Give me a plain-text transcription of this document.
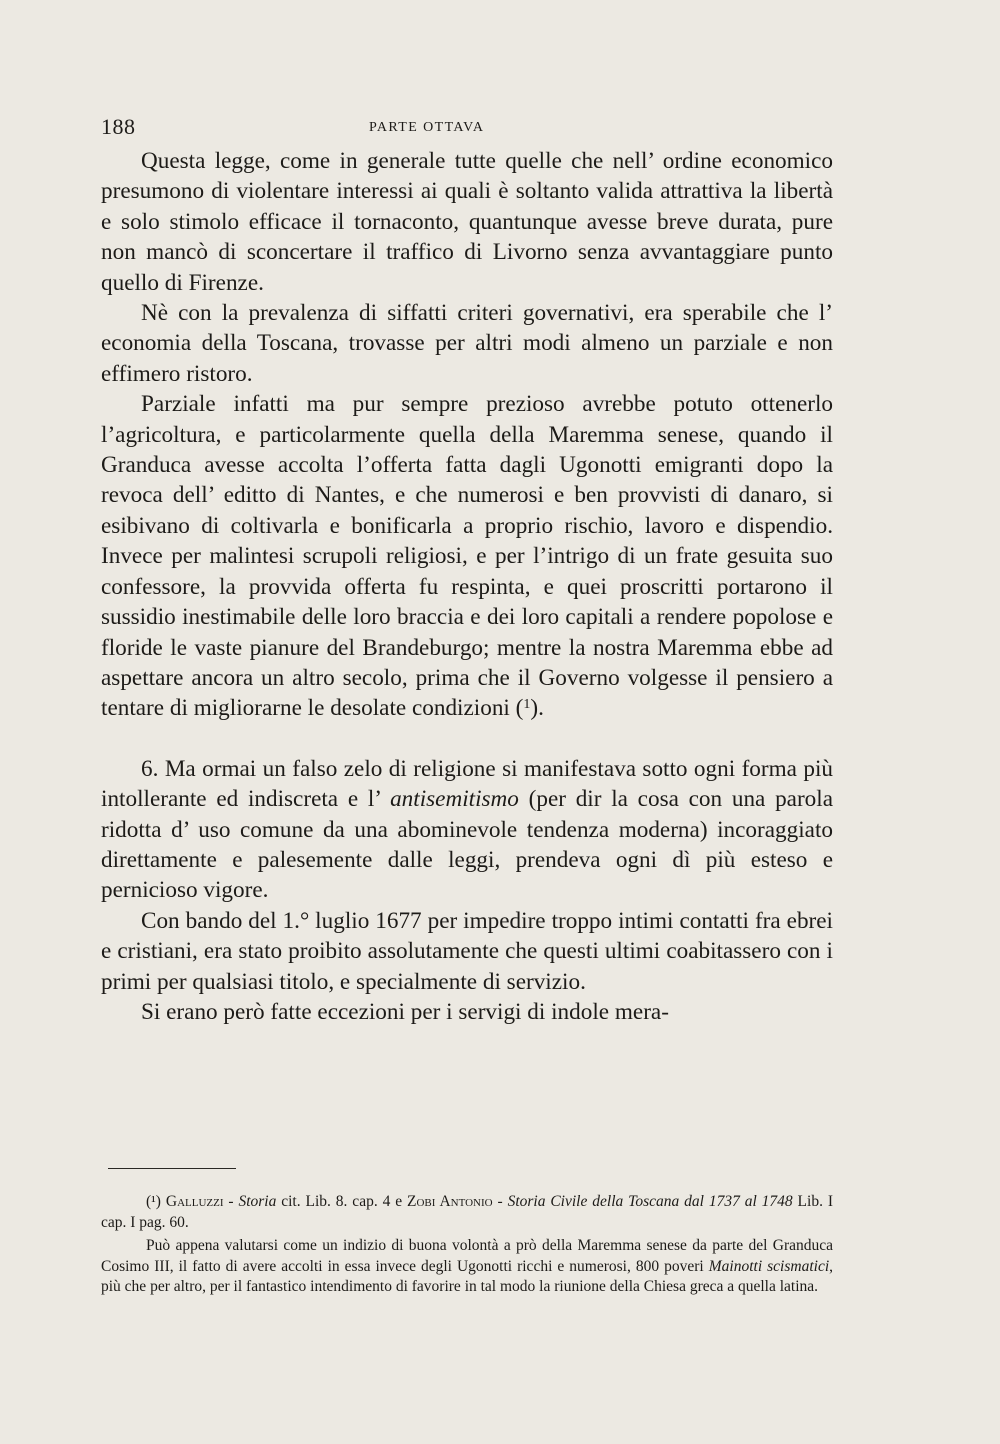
188	PARTE OTTAVA

Questa legge, come in generale tutte quelle che nell’ ordine economico presumono di violentare interessi ai quali è soltanto valida attrattiva la libertà e solo stimolo efficace il tornaconto, quantunque avesse breve durata, pure non mancò di sconcertare il traffico di Livorno senza avvantaggiare punto quello di Firenze.

Nè con la prevalenza di siffatti criteri governativi, era sperabile che l’ economia della Toscana, trovasse per altri modi almeno un parziale e non effimero ristoro.

Parziale infatti ma pur sempre prezioso avrebbe potuto ottenerlo l’agricoltura, e particolarmente quella della Maremma senese, quando il Granduca avesse accolta l’offerta fatta dagli Ugonotti emigranti dopo la revoca dell’ editto di Nantes, e che numerosi e ben provvisti di danaro, si esibivano di coltivarla e bonificarla a proprio rischio, lavoro e dispendio. Invece per malintesi scrupoli religiosi, e per l’intrigo di un frate gesuita suo confessore, la provvida offerta fu respinta, e quei proscritti portarono il sussidio inestimabile delle loro braccia e dei loro capitali a rendere popolose e floride le vaste pianure del Brandeburgo; mentre la nostra Maremma ebbe ad aspettare ancora un altro secolo, prima che il Governo volgesse il pensiero a tentare di migliorarne le desolate condizioni ($^1$).

6. Ma ormai un falso zelo di religione si manifestava sotto ogni forma più intollerante ed indiscreta e l’ antisemitismo (per dir la cosa con una parola ridotta d’ uso comune da una abominevole tendenza moderna) incoraggiato direttamente e palesemente dalle leggi, prendeva ogni dì più esteso e pernicioso vigore.

Con bando del 1.° luglio 1677 per impedire troppo intimi contatti fra ebrei e cristiani, era stato proibito assolutamente che questi ultimi coabitassero con i primi per qualsiasi titolo, e specialmente di servizio.

Si erano però fatte eccezioni per i servigi di indole mera-

(¹) Galluzzi - Storia cit. Lib. 8. cap. 4 e Zobi Antonio - Storia Civile della Toscana dal 1737 al 1748 Lib. I cap. I pag. 60.

Può appena valutarsi come un indizio di buona volontà a prò della Maremma senese da parte del Granduca Cosimo III, il fatto di avere accolti in essa invece degli Ugonotti ricchi e numerosi, 800 poveri Mainotti scismatici, più che per altro, per il fantastico intendimento di favorire in tal modo la riunione della Chiesa greca a quella latina.
